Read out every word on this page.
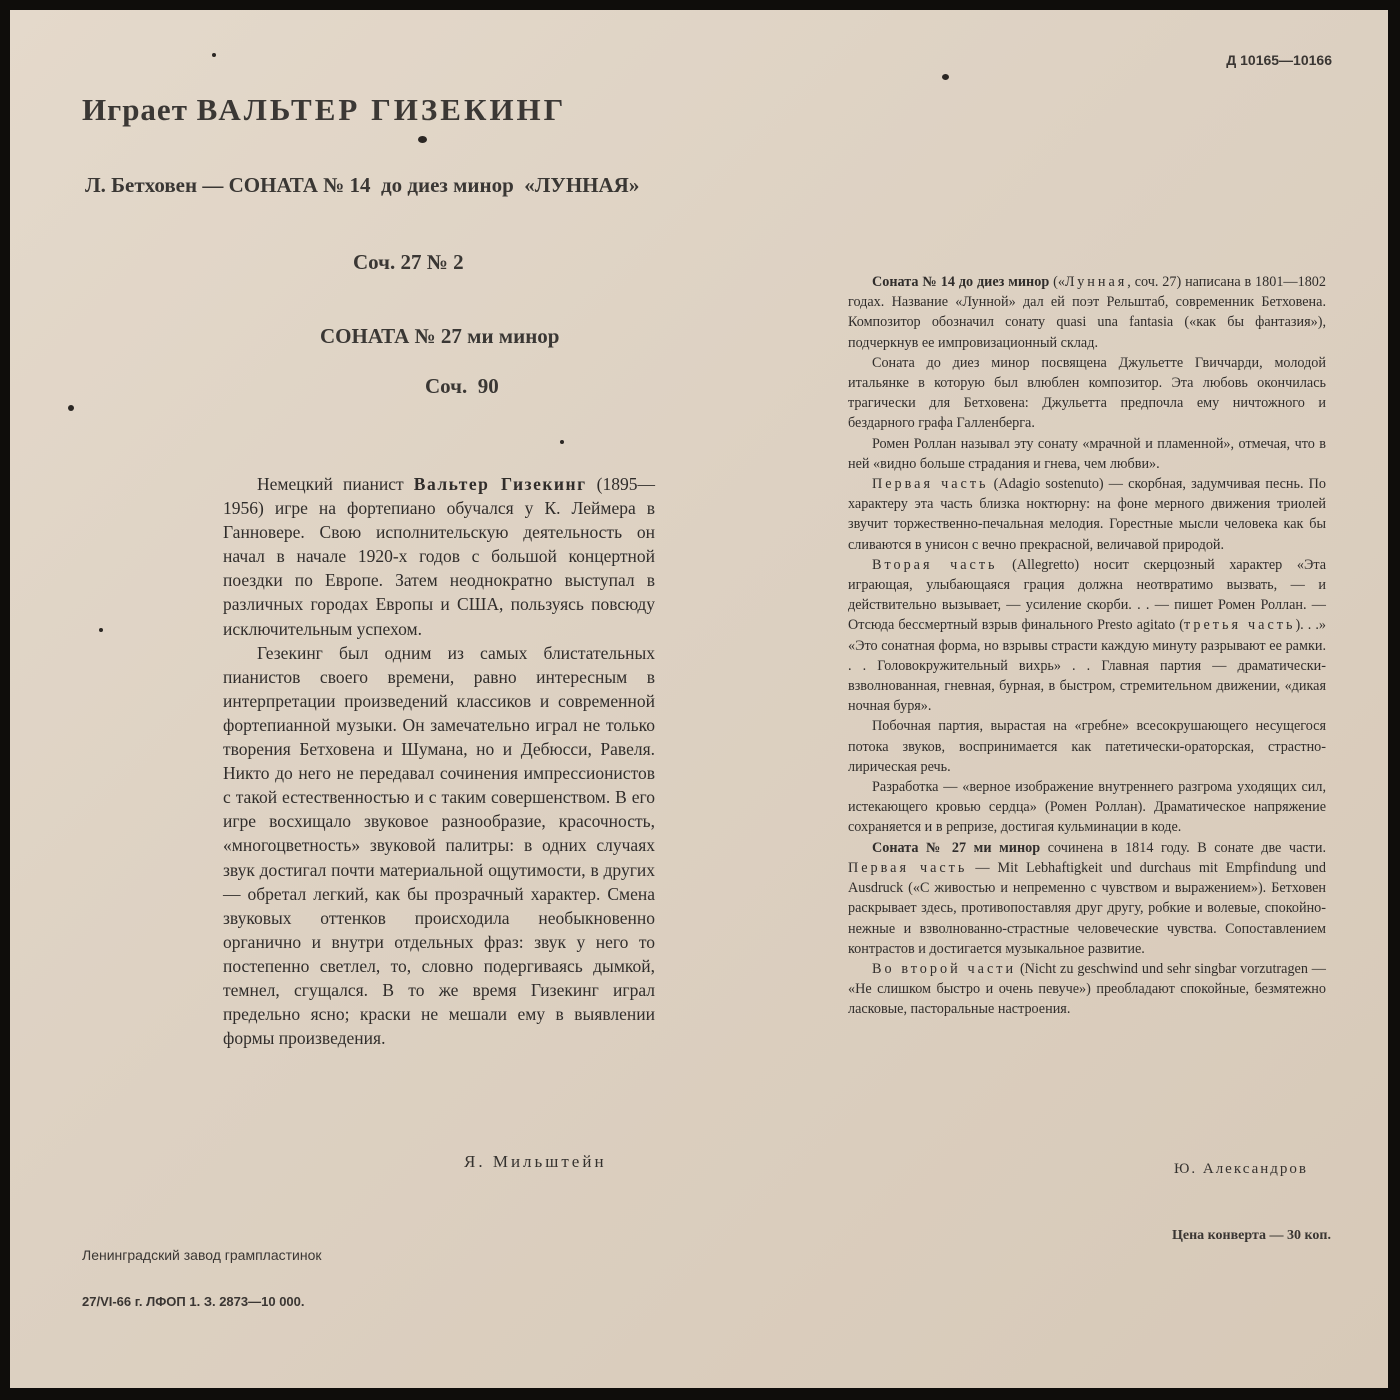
Д 10165—10166
Играет ВАЛЬТЕР ГИЗЕКИНГ
Л. Бетховен — СОНАТА № 14  до диез минор  «ЛУННАЯ»
Соч. 27 № 2
СОНАТА № 27 ми минор
Соч.  90

Немецкий пианист Вальтер Гизекинг (1895—1956) игре на фортепиано обучался у К. Леймера в Ганновере. Свою исполнительскую деятельность он начал в начале 1920-х годов с большой концертной поездки по Европе. Затем неоднократно выступал в различных городах Европы и США, пользуясь повсюду исключительным успехом.

Гезекинг был одним из самых блистательных пианистов своего времени, равно интересным в интерпретации произведений классиков и современной фортепианной музыки. Он замечательно играл не только творения Бетховена и Шумана, но и Дебюсси, Равеля. Никто до него не передавал сочинения импрессионистов с такой естественностью и с таким совершенством. В его игре восхищало звуковое разнообразие, красочность, «многоцветность» звуковой палитры: в одних случаях звук достигал почти материальной ощутимости, в других — обретал легкий, как бы прозрачный характер. Смена звуковых оттенков происходила необыкновенно органично и внутри отдельных фраз: звук у него то постепенно светлел, то, словно подергиваясь дымкой, темнел, сгущался. В то же время Гизекинг играл предельно ясно; краски не мешали ему в выявлении формы произведения.

Я. Мильштейн

Соната № 14 до диез минор («Лунная, соч. 27) написана в 1801—1802 годах. Название «Лунной» дал ей поэт Рельштаб, современник Бетховена. Композитор обозначил сонату quasi una fantasia («как бы фантазия»), подчеркнув ее импровизационный склад.

Соната до диез минор посвящена Джульетте Гвиччарди, молодой итальянке в которую был влюблен композитор. Эта любовь окончилась трагически для Бетховена: Джульетта предпочла ему ничтожного и бездарного графа Галленберга.

Ромен Роллан называл эту сонату «мрачной и пламенной», отмечая, что в ней «видно больше страдания и гнева, чем любви».

Первая часть (Adagio sostenuto) — скорбная, задумчивая песнь. По характеру эта часть близка ноктюрну: на фоне мерного движения триолей звучит торжественно-печальная мелодия. Горестные мысли человека как бы сливаются в унисон с вечно прекрасной, величавой природой.

Вторая часть (Allegretto) носит скерцозный характер «Эта играющая, улыбающаяся грация должна неотвратимо вызвать, — и действительно вызывает, — усиление скорби. . . — пишет Ромен Роллан. — Отсюда бессмертный взрыв финального Presto agitato (третья часть). . .» «Это сонатная форма, но взрывы страсти каждую минуту разрывают ее рамки. . . Головокружительный вихрь» . . Главная партия — драматически-взволнованная, гневная, бурная, в быстром, стремительном движении, «дикая ночная буря».

Побочная партия, вырастая на «гребне» всесокрушающего несущегося потока звуков, воспринимается как патетически-ораторская, страстно-лирическая речь.

Разработка — «верное изображение внутреннего разгрома уходящих сил, истекающего кровью сердца» (Ромен Роллан). Драматическое напряжение сохраняется и в репризе, достигая кульминации в коде.

Соната № 27 ми минор сочинена в 1814 году. В сонате две части. Первая часть — Mit Lebhaftigkeit und durchaus mit Empfindung und Ausdruck («С живостью и непременно с чувством и выражением»). Бетховен раскрывает здесь, противопоставляя друг другу, робкие и волевые, спокойно-нежные и взволнованно-страстные человеческие чувства. Сопоставлением контрастов и достигается музыкальное развитие.

Во второй части (Nicht zu geschwind und sehr singbar vorzutragen — «Не слишком быстро и очень певуче») преобладают спокойные, безмятежно ласковые, пасторальные настроения.

Ю. Александров
Ленинградский завод грампластинок
27/VI-66 г. ЛФОП 1. З. 2873—10 000.
Цена конверта — 30 коп.
